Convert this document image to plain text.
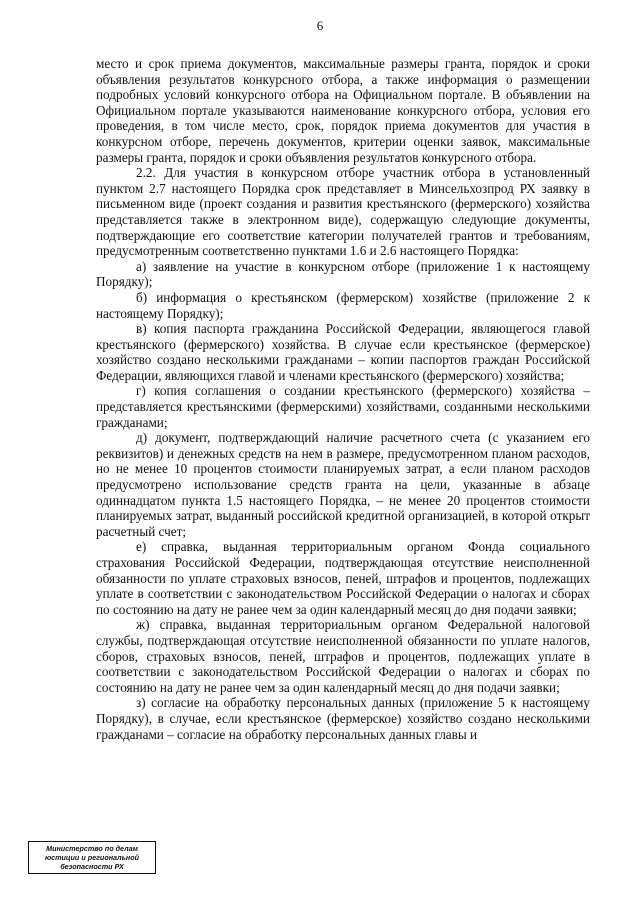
6

место и срок приема документов, максимальные размеры гранта, порядок и сроки объявления результатов конкурсного отбора, а также информация о размещении подробных условий конкурсного отбора на Официальном портале. В объявлении на Официальном портале указываются наименование конкурсного отбора, условия его проведения, в том числе место, срок, порядок приема документов для участия в конкурсном отборе, перечень документов, критерии оценки заявок, максимальные размеры гранта, порядок и сроки объявления результатов конкурсного отбора.

2.2. Для участия в конкурсном отборе участник отбора в установленный пунктом 2.7 настоящего Порядка срок представляет в Минсельхозпрод РХ заявку в письменном виде (проект создания и развития крестьянского (фермерского) хозяйства представляется также в электронном виде), содержащую следующие документы, подтверждающие его соответствие категории получателей грантов и требованиям, предусмотренным соответственно пунктами 1.6 и 2.6 настоящего Порядка:

а) заявление на участие в конкурсном отборе (приложение 1 к настоящему Порядку);

б) информация о крестьянском (фермерском) хозяйстве (приложение 2 к настоящему Порядку);

в) копия паспорта гражданина Российской Федерации, являющегося главой крестьянского (фермерского) хозяйства. В случае если крестьянское (фермерское) хозяйство создано несколькими гражданами – копии паспортов граждан Российской Федерации, являющихся главой и членами крестьянского (фермерского) хозяйства;

г) копия соглашения о создании крестьянского (фермерского) хозяйства – представляется крестьянскими (фермерскими) хозяйствами, созданными несколькими гражданами;

д) документ, подтверждающий наличие расчетного счета (с указанием его реквизитов) и денежных средств на нем в размере, предусмотренном планом расходов, но не менее 10 процентов стоимости планируемых затрат, а если планом расходов предусмотрено использование средств гранта на цели, указанные в абзаце одиннадцатом пункта 1.5 настоящего Порядка, – не менее 20 процентов стоимости планируемых затрат, выданный российской кредитной организацией, в которой открыт расчетный счет;

е) справка, выданная территориальным органом Фонда социального страхования Российской Федерации, подтверждающая отсутствие неисполненной обязанности по уплате страховых взносов, пеней, штрафов и процентов, подлежащих уплате в соответствии с законодательством Российской Федерации о налогах и сборах по состоянию на дату не ранее чем за один календарный месяц до дня подачи заявки;

ж) справка, выданная территориальным органом Федеральной налоговой службы, подтверждающая отсутствие неисполненной обязанности по уплате налогов, сборов, страховых взносов, пеней, штрафов и процентов, подлежащих уплате в соответствии с законодательством Российской Федерации о налогах и сборах по состоянию на дату не ранее чем за один календарный месяц до дня подачи заявки;

з) согласие на обработку персональных данных (приложение 5 к настоящему Порядку), в случае, если крестьянское (фермерское) хозяйство создано несколькими гражданами – согласие на обработку персональных данных главы и

Министерство по делам
юстиции и региональной
безопасности РХ
